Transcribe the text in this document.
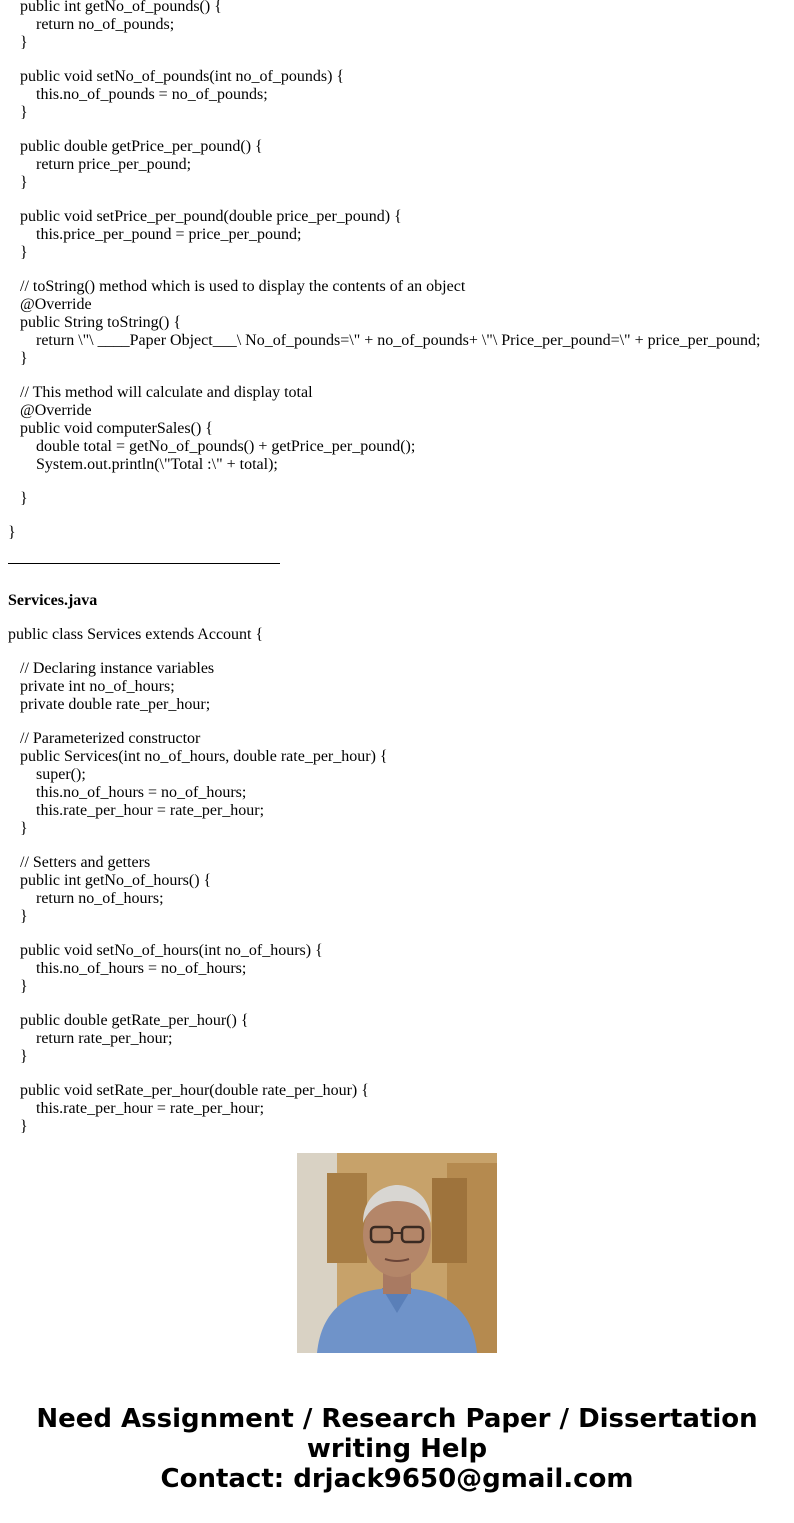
public int getNo_of_pounds() {
return no_of_pounds;
}
public void setNo_of_pounds(int no_of_pounds) {
this.no_of_pounds = no_of_pounds;
}
public double getPrice_per_pound() {
return price_per_pound;
}
public void setPrice_per_pound(double price_per_pound) {
this.price_per_pound = price_per_pound;
}
// toString() method which is used to display the contents of an object
@Override
public String toString() {
return \"\ ____Paper Object___\ No_of_pounds=\" + no_of_pounds+ \"\ Price_per_pound=\" + price_per_pound;
}
// This method will calculate and display total
@Override
public void computerSales() {
double total = getNo_of_pounds() + getPrice_per_pound();
System.out.println(\"Total :\" + total);
}
}
Services.java
public class Services extends Account {
// Declaring instance variables
private int no_of_hours;
private double rate_per_hour;
// Parameterized constructor
public Services(int no_of_hours, double rate_per_hour) {
super();
this.no_of_hours = no_of_hours;
this.rate_per_hour = rate_per_hour;
}
// Setters and getters
public int getNo_of_hours() {
return no_of_hours;
}
public void setNo_of_hours(int no_of_hours) {
this.no_of_hours = no_of_hours;
}
public double getRate_per_hour() {
return rate_per_hour;
}
public void setRate_per_hour(double rate_per_hour) {
this.rate_per_hour = rate_per_hour;
}
Need Assignment / Research Paper / Dissertation
writing Help
Contact: drjack9650@gmail.com
